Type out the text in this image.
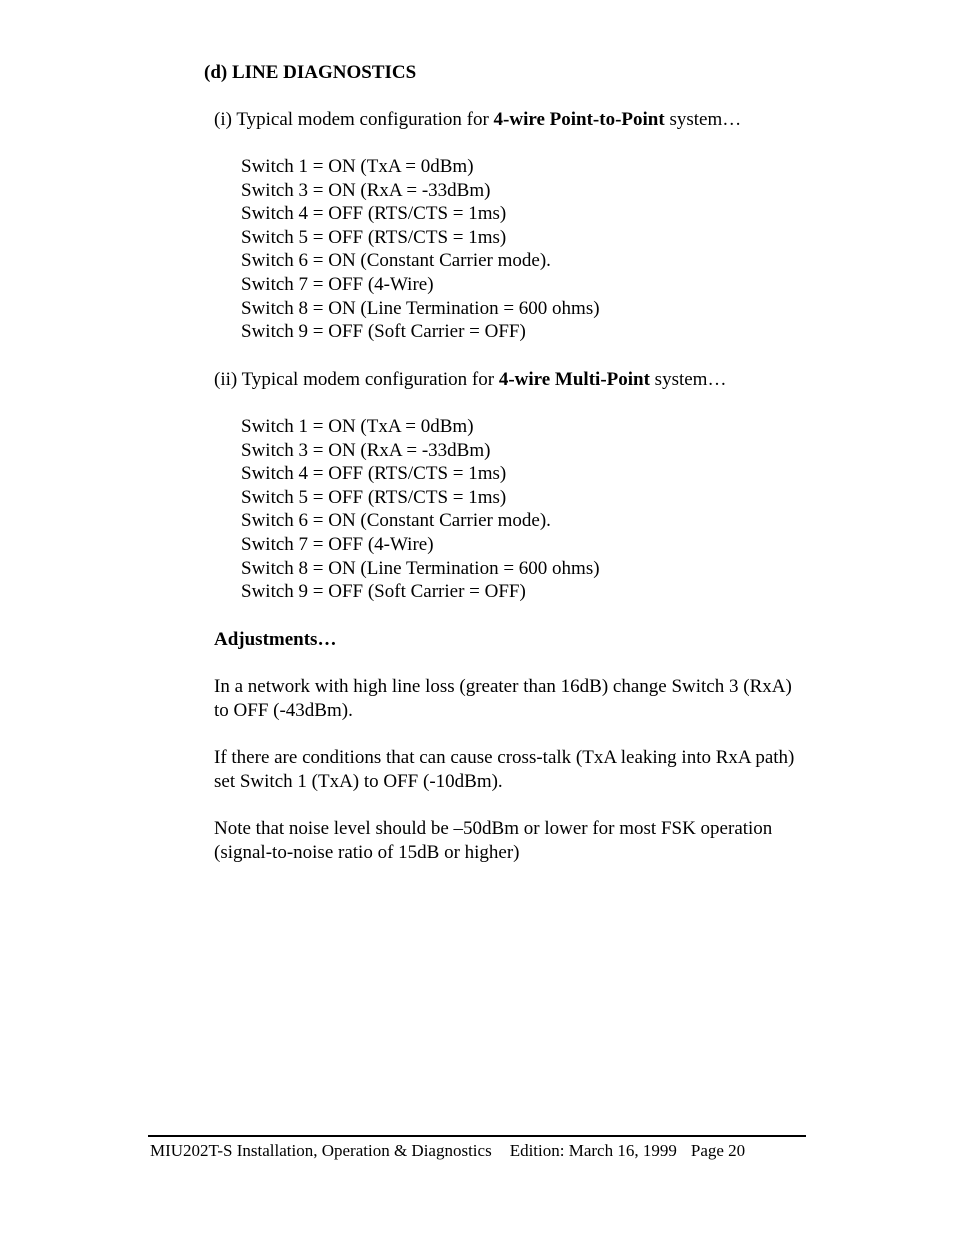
(d) LINE DIAGNOSTICS
(i) Typical modem configuration for 4-wire Point-to-Point system…
Switch 1 = ON (TxA = 0dBm)
Switch 3 = ON (RxA = -33dBm)
Switch 4 = OFF (RTS/CTS = 1ms)
Switch 5 = OFF (RTS/CTS = 1ms)
Switch 6 = ON (Constant Carrier mode).
Switch 7 = OFF (4-Wire)
Switch 8 = ON (Line Termination = 600 ohms)
Switch 9 = OFF (Soft Carrier = OFF)
(ii) Typical modem configuration for 4-wire Multi-Point system…
Switch 1 = ON (TxA = 0dBm)
Switch 3 = ON (RxA = -33dBm)
Switch 4 = OFF (RTS/CTS = 1ms)
Switch 5 = OFF (RTS/CTS = 1ms)
Switch 6 = ON (Constant Carrier mode).
Switch 7 = OFF (4-Wire)
Switch 8 = ON (Line Termination = 600 ohms)
Switch 9 = OFF (Soft Carrier = OFF)
Adjustments…
In a network with high line loss (greater than 16dB) change Switch 3 (RxA) to OFF (-43dBm).
If there are conditions that can cause cross-talk (TxA leaking into RxA path) set Switch 1 (TxA) to OFF (-10dBm).
Note that noise level should be –50dBm or lower for most FSK operation (signal-to-noise ratio of 15dB or higher)
MIU202T-S Installation, Operation & Diagnostics Edition: March 16, 1999 Page 20
